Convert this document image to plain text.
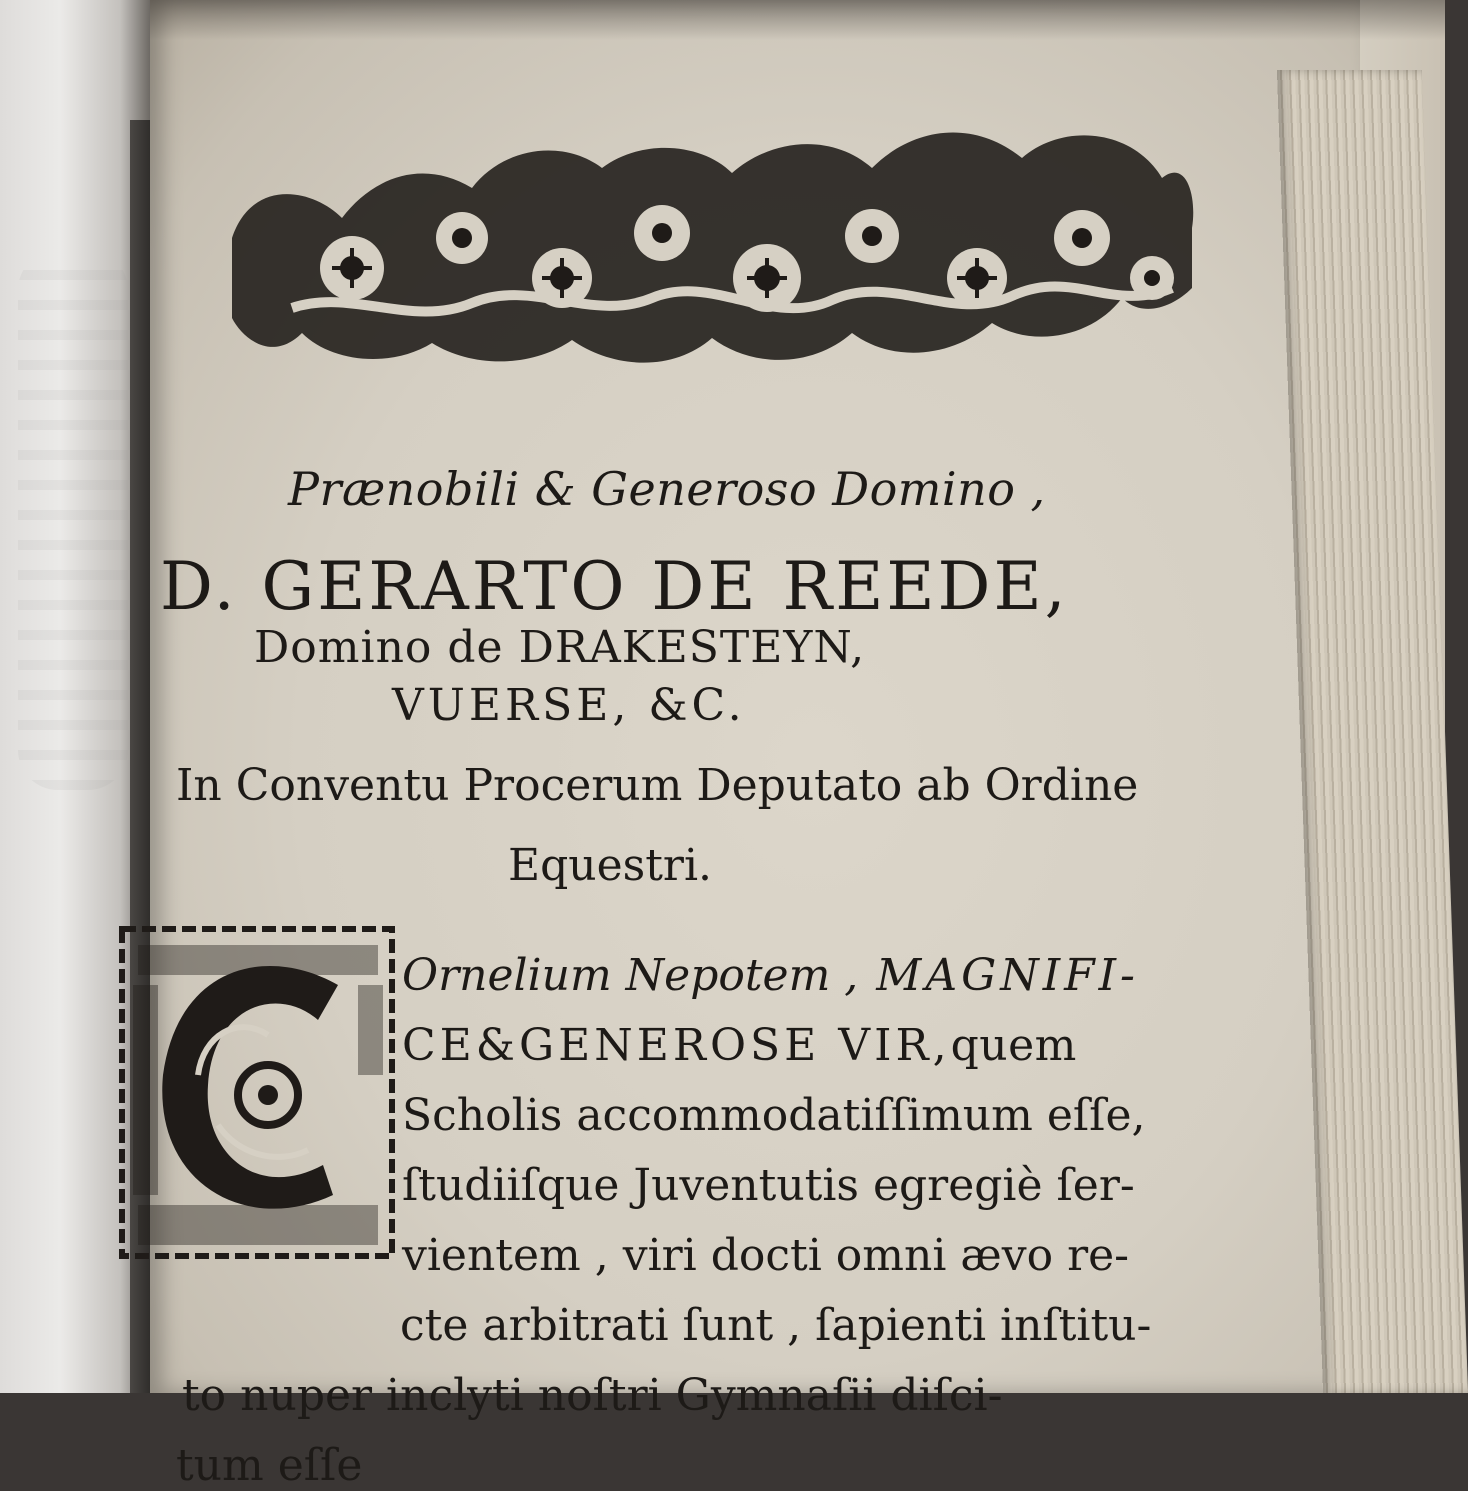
Prænobili & Generoso Domino ,
D. GERARTO DE REEDE,
Domino de DRAKESTEYN,
VUERSE, &C.
In Conventu Procerum Deputato ab Ordine
Equestri.
Ornelium Nepotem , MAGNIFI-
CE&GENEROSE VIR,quem
Scholis accommodatiſſimum eſſe,
ſtudiiſque Juventutis egregiè ſer-
vientem , viri docti omni ævo re-
cte arbitrati ſunt , ſapienti inſtitu-
to nuper inclyti noſtri Gymnaſii diſci-
tum eſſe
